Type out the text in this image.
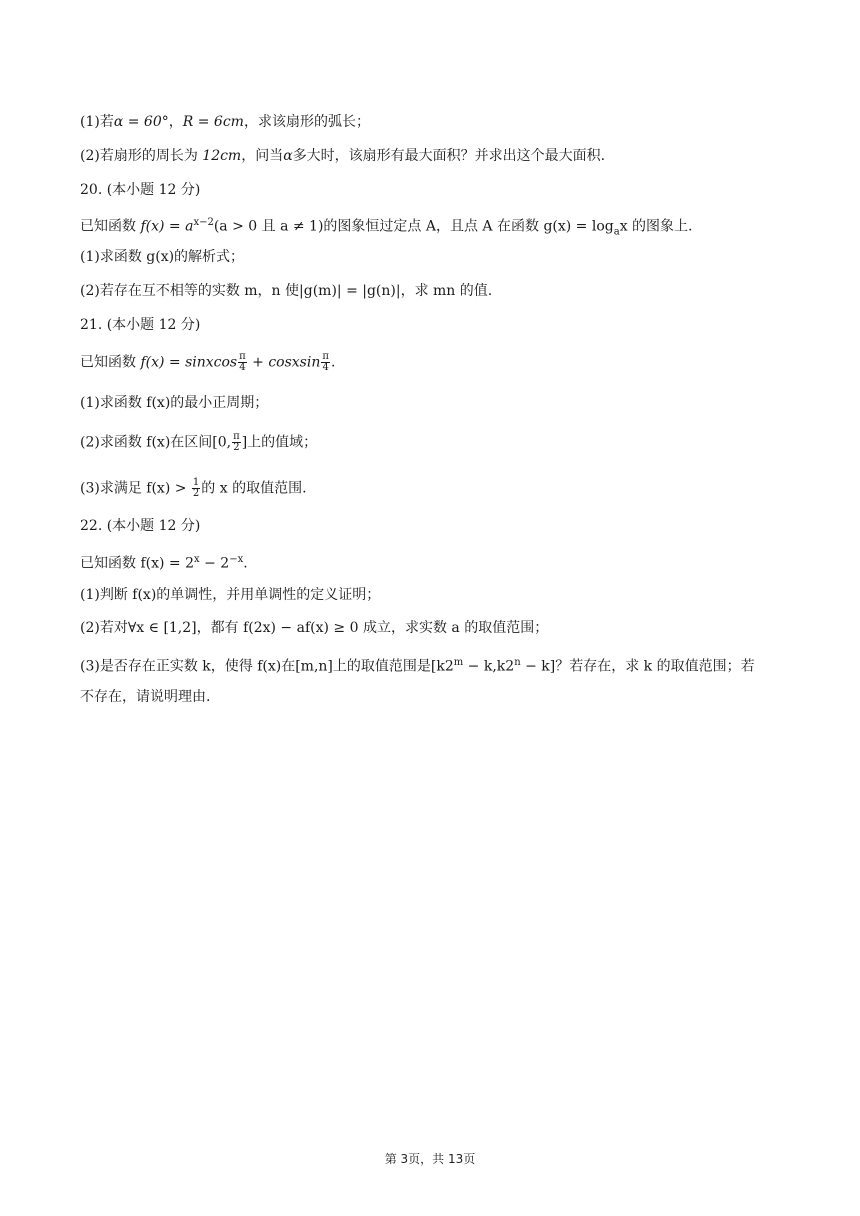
(1)若α = 60°，R = 6cm，求该扇形的弧长；
(2)若扇形的周长为 12cm，问当α多大时，该扇形有最大面积？并求出这个最大面积.
20. (本小题 12 分)
已知函数 $f(x) = a^{x-2}(a > 0$ 且 a ≠ 1)的图象恒过定点 A，且点 A 在函数 $g(x) = \log_ax$ 的图象上.
(1)求函数 g(x)的解析式；
(2)若存在互不相等的实数 m，n 使|g(m)| = |g(n)|，求 mn 的值.
21. (本小题 12 分)
已知函数 f(x) = sinxcos $\frac{\pi}{4}$ + cosxsin $\frac{\pi}{4}$ .
(1)求函数 f(x)的最小正周期；
(2)求函数 f(x)在区间[0, $\frac{\pi}{2}$ ]上的值域；
(3)求满足 $f(x) > \frac{1}{2}$ 的 x 的取值范围.
22. (本小题 12 分)
已知函数 $f(x) = 2^x - 2^{-x}$.
(1)判断 f(x)的单调性，并用单调性的定义证明；
(2)若对∀x ∈ [1,2]，都有 f(2x) − af(x) ≥ 0 成立，求实数 a 的取值范围；
(3)是否存在正实数 k，使得 f(x)在[m,n]上的取值范围是$[k2^m - k,k2^n - k]$？若存在，求 k 的取值范围；若
不存在，请说明理由.
第 3页，共 13页
